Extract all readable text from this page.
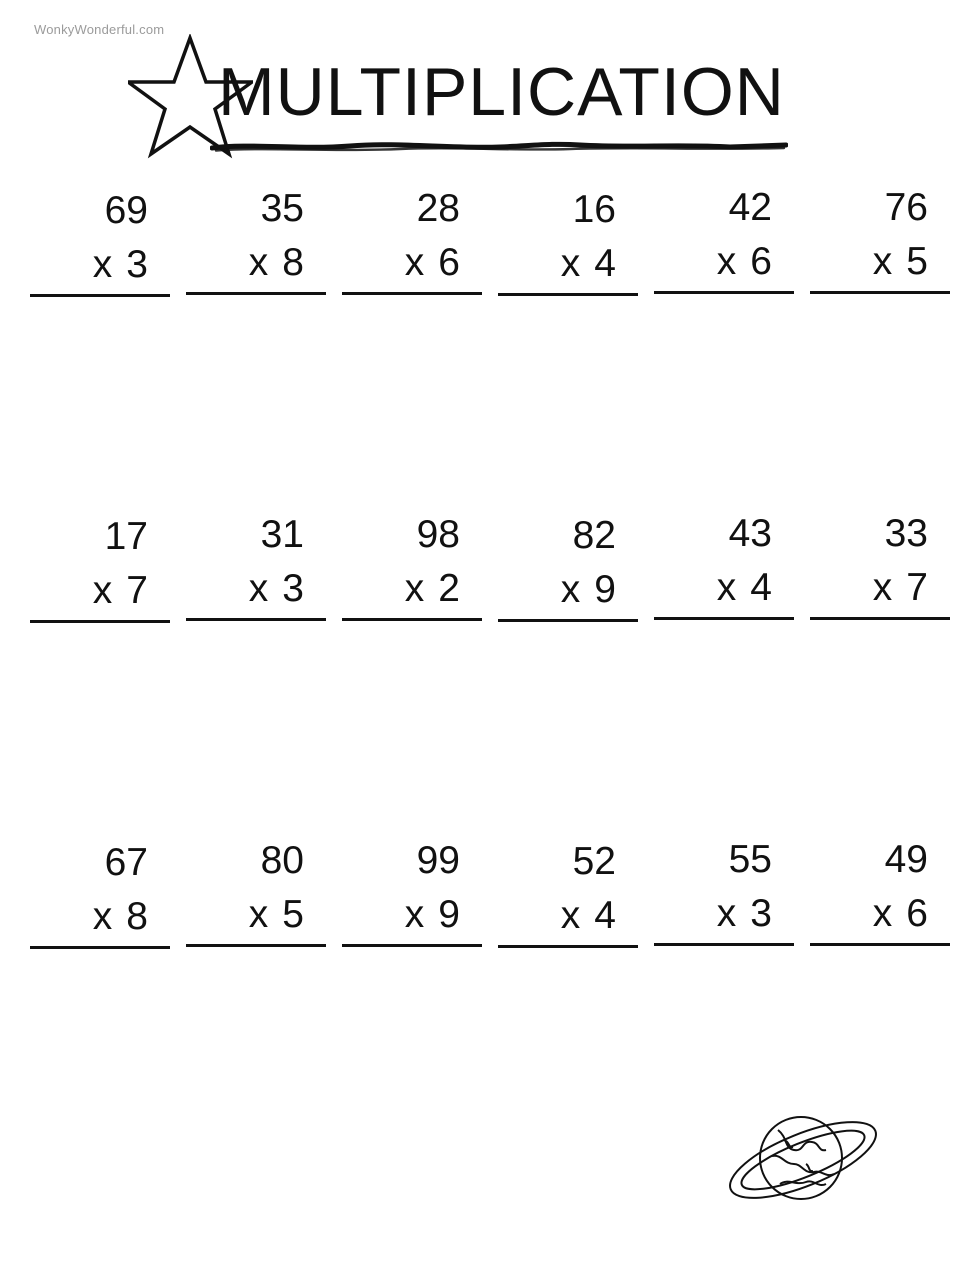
WonkyWonderful.com
MULTIPLICATION
69
x 3
35
x 8
28
x 6
16
x 4
42
x 6
76
x 5
17
x 7
31
x 3
98
x 2
82
x 9
43
x 4
33
x 7
67
x 8
80
x 5
99
x 9
52
x 4
55
x 3
49
x 6
